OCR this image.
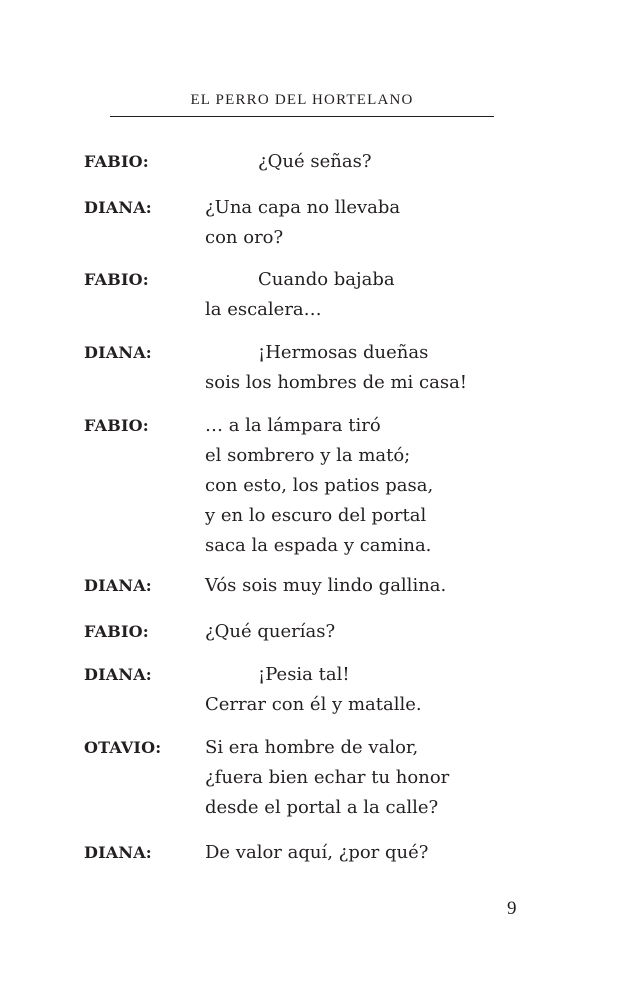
EL PERRO DEL HORTELANO
FABIO:	¿Qué señas?
DIANA:	¿Una capa no llevaba
con oro?
FABIO:	Cuando bajaba
la escalera…
DIANA:	¡Hermosas dueñas
sois los hombres de mi casa!
FABIO:	… a la lámpara tiró
el sombrero y la mató;
con esto, los patios pasa,
y en lo escuro del portal
saca la espada y camina.
DIANA:	Vós sois muy lindo gallina.
FABIO:	¿Qué querías?
DIANA:	¡Pesia tal!
Cerrar con él y matalle.
OTAVIO: Si era hombre de valor,
¿fuera bien echar tu honor
desde el portal a la calle?
DIANA:	De valor aquí, ¿por qué?
9
